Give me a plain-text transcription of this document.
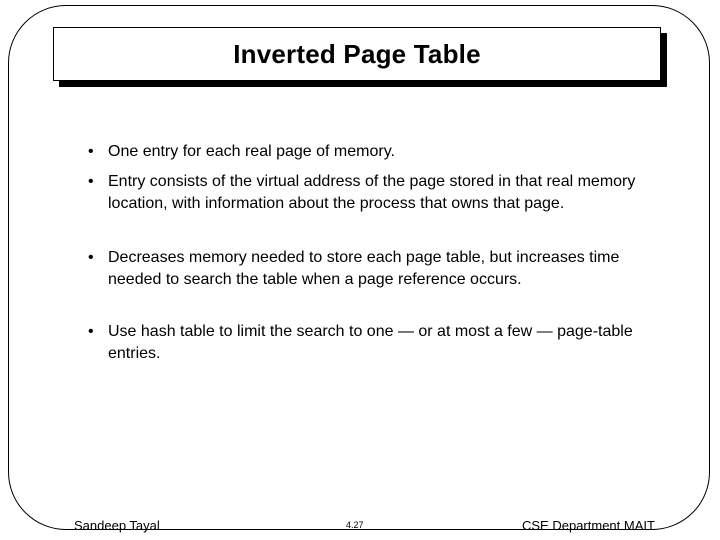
Inverted Page Table
• One entry for each real page of memory.
• Entry consists of the virtual address of the page stored in that real memory location, with information about the process that owns that page.
• Decreases memory needed to store each page table, but increases time needed to search the table when a page reference occurs.
• Use hash table to limit the search to one — or at most a few — page-table entries.
Sandeep Tayal	4.27	CSE Department MAIT
